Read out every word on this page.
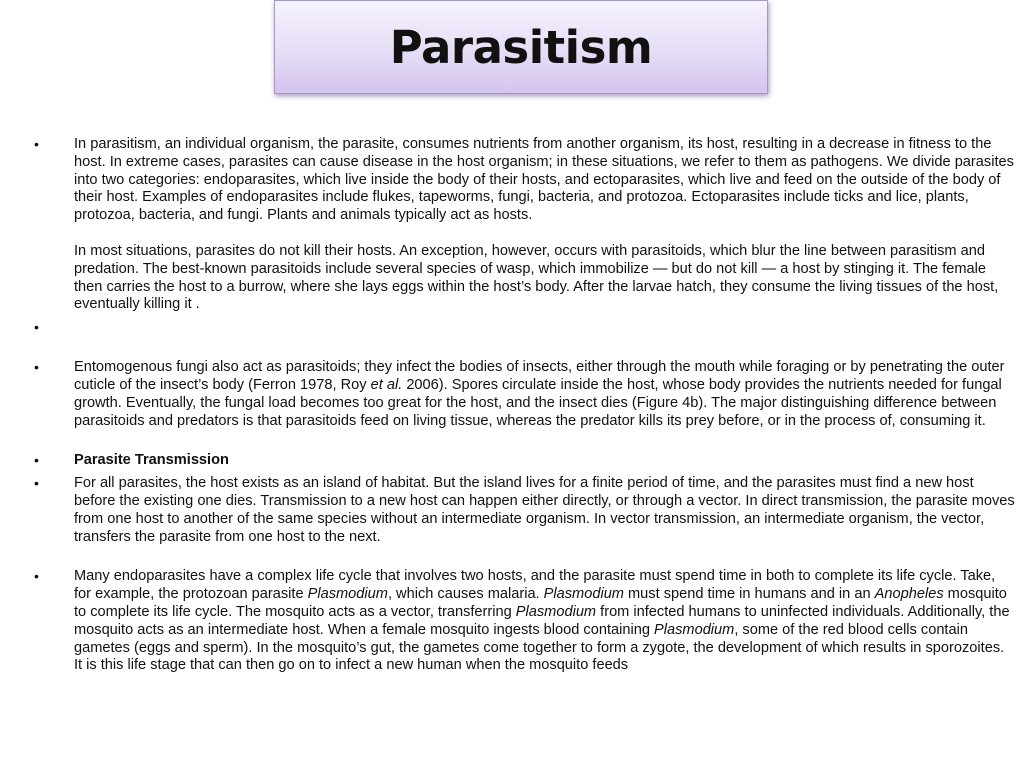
Parasitism
• In parasitism, an individual organism, the parasite, consumes nutrients from another organism, its host, resulting in a decrease in fitness to the host. In extreme cases, parasites can cause disease in the host organism; in these situations, we refer to them as pathogens. We divide parasites into two categories: endoparasites, which live inside the body of their hosts, and ectoparasites, which live and feed on the outside of the body of their host. Examples of endoparasites include flukes, tapeworms, fungi, bacteria, and protozoa. Ectoparasites include ticks and lice, plants, protozoa, bacteria, and fungi. Plants and animals typically act as hosts.

In most situations, parasites do not kill their hosts. An exception, however, occurs with parasitoids, which blur the line between parasitism and predation. The best-known parasitoids include several species of wasp, which immobilize — but do not kill — a host by stinging it. The female then carries the host to a burrow, where she lays eggs within the host’s body. After the larvae hatch, they consume the living tissues of the host, eventually killing it .

•
• Entomogenous fungi also act as parasitoids; they infect the bodies of insects, either through the mouth while foraging or by penetrating the outer cuticle of the insect’s body (Ferron 1978, Roy et al. 2006). Spores circulate inside the host, whose body provides the nutrients needed for fungal growth. Eventually, the fungal load becomes too great for the host, and the insect dies (Figure 4b). The major distinguishing difference between parasitoids and predators is that parasitoids feed on living tissue, whereas the predator kills its prey before, or in the process of, consuming it.

• Parasite Transmission

• For all parasites, the host exists as an island of habitat. But the island lives for a finite period of time, and the parasites must find a new host before the existing one dies. Transmission to a new host can happen either directly, or through a vector. In direct transmission, the parasite moves from one host to another of the same species without an intermediate organism. In vector transmission, an intermediate organism, the vector, transfers the parasite from one host to the next.

• Many endoparasites have a complex life cycle that involves two hosts, and the parasite must spend time in both to complete its life cycle. Take, for example, the protozoan parasite Plasmodium, which causes malaria. Plasmodium must spend time in humans and in an Anopheles mosquito to complete its life cycle. The mosquito acts as a vector, transferring Plasmodium from infected humans to uninfected individuals. Additionally, the mosquito acts as an intermediate host. When a female mosquito ingests blood containing Plasmodium, some of the red blood cells contain gametes (eggs and sperm). In the mosquito’s gut, the gametes come together to form a zygote, the development of which results in sporozoites. It is this life stage that can then go on to infect a new human when the mosquito feeds
